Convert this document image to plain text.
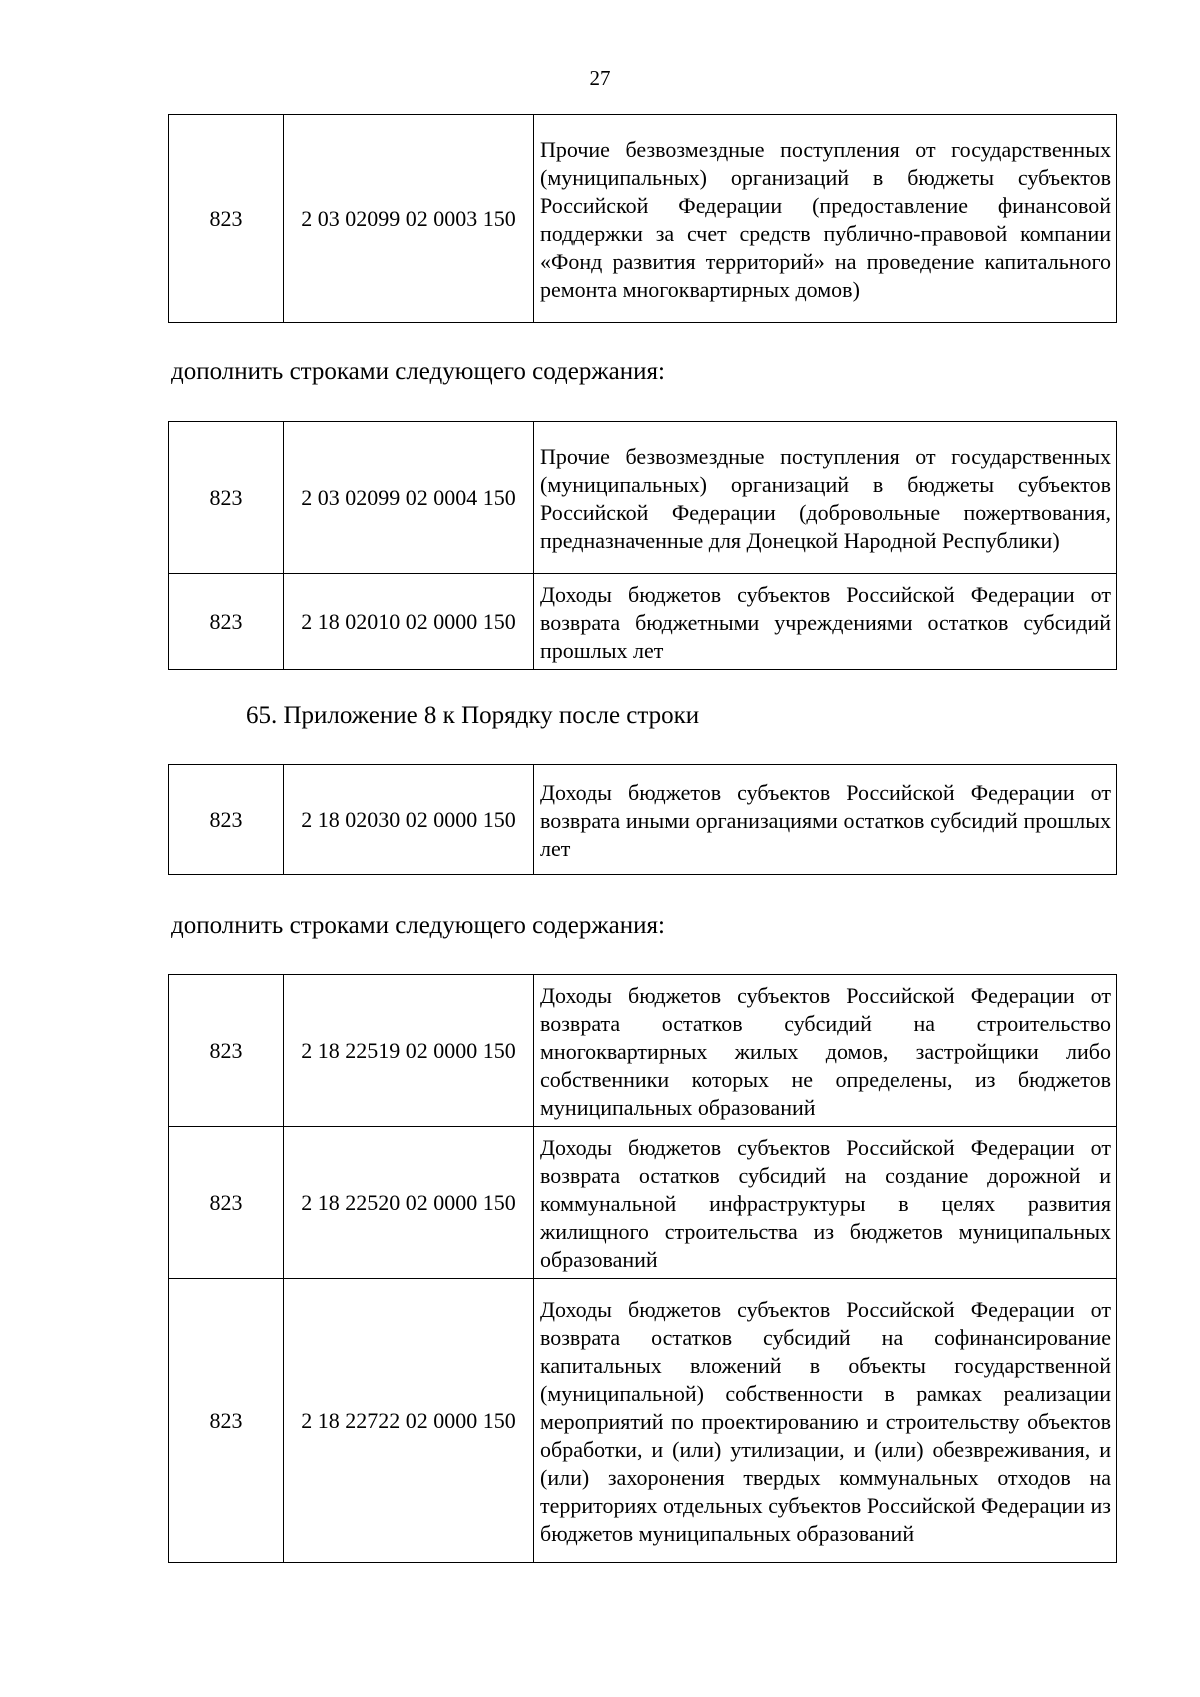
27
823	2 03 02099 02 0003 150	Прочие безвозмездные поступления от государственных (муниципальных) организаций в бюджеты субъектов Российской Федерации (предоставление финансовой поддержки за счет средств публично-правовой компании «Фонд развития территорий» на проведение капитального ремонта многоквартирных домов)
дополнить строками следующего содержания:
823	2 03 02099 02 0004 150	Прочие безвозмездные поступления от государственных (муниципальных) организаций в бюджеты субъектов Российской Федерации (добровольные пожертвования, предназначенные для Донецкой Народной Республики)
823	2 18 02010 02 0000 150	Доходы бюджетов субъектов Российской Федерации от возврата бюджетными учреждениями остатков субсидий прошлых лет
65. Приложение 8 к Порядку после строки
823	2 18 02030 02 0000 150	Доходы бюджетов субъектов Российской Федерации от возврата иными организациями остатков субсидий прошлых лет
дополнить строками следующего содержания:
823	2 18 22519 02 0000 150	Доходы бюджетов субъектов Российской Федерации от возврата остатков субсидий на строительство многоквартирных жилых домов, застройщики либо собственники которых не определены, из бюджетов муниципальных образований
823	2 18 22520 02 0000 150	Доходы бюджетов субъектов Российской Федерации от возврата остатков субсидий на создание дорожной и коммунальной инфраструктуры в целях развития жилищного строительства из бюджетов муниципальных образований
823	2 18 22722 02 0000 150	Доходы бюджетов субъектов Российской Федерации от возврата остатков субсидий на софинансирование капитальных вложений в объекты государственной (муниципальной) собственности в рамках реализации мероприятий по проектированию и строительству объектов обработки, и (или) утилизации, и (или) обезвреживания, и (или) захоронения твердых коммунальных отходов на территориях отдельных субъектов Российской Федерации из бюджетов муниципальных образований
